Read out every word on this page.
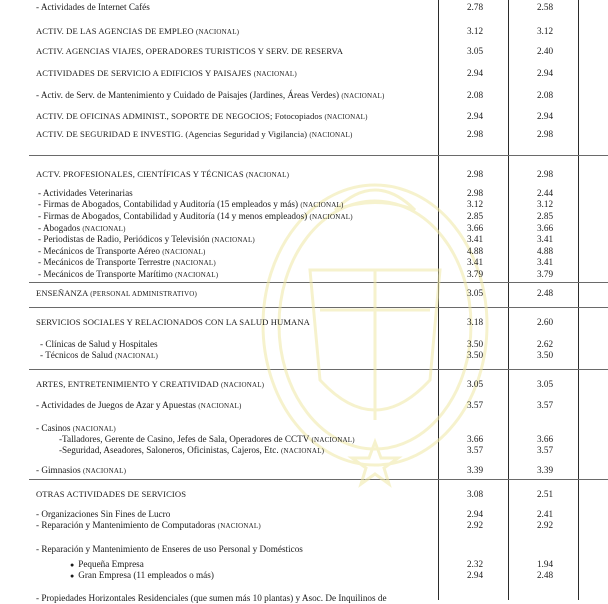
- Actividades de Internet Cafés	2.78	2.58
ACTIV. DE LAS AGENCIAS DE EMPLEO (NACIONAL)	3.12	3.12
ACTIV. AGENCIAS VIAJES, OPERADORES TURISTICOS Y SERV. DE RESERVA	3.05	2.40
ACTIVIDADES DE SERVICIO A EDIFICIOS Y PAISAJES (NACIONAL)	2.94	2.94
- Activ. de Serv. de Mantenimiento y Cuidado de Paisajes (Jardines, Áreas Verdes) (NACIONAL)	2.08	2.08
ACTIV. DE OFICINAS ADMINIST., SOPORTE DE NEGOCIOS; Fotocopiados (NACIONAL)	2.94	2.94
ACTIV. DE SEGURIDAD E INVESTIG. (Agencias Seguridad y Vigilancia) (NACIONAL)	2.98	2.98
ACTV. PROFESIONALES, CIENTÍFICAS Y TÉCNICAS (NACIONAL)	2.98	2.98
- Actividades Veterinarias	2.98	2.44
- Firmas de Abogados, Contabilidad y Auditoría (15 empleados y más) (NACIONAL)	3.12	3.12
- Firmas de Abogados, Contabilidad y Auditoría (14 y menos empleados) (NACIONAL)	2.85	2.85
- Abogados (NACIONAL)	3.66	3.66
- Periodistas de Radio, Periódicos y Televisión (NACIONAL)	3.41	3.41
- Mecánicos de Transporte Aéreo (NACIONAL)	4.88	4.88
- Mecánicos de Transporte Terrestre (NACIONAL)	3.41	3.41
- Mecánicos de Transporte Marítimo (NACIONAL)	3.79	3.79
ENSEÑANZA (PERSONAL ADMINISTRATIVO)	3.05	2.48
SERVICIOS SOCIALES Y RELACIONADOS CON LA SALUD HUMANA	3.18	2.60
- Clínicas de Salud y Hospitales	3.50	2.62
- Técnicos de Salud (NACIONAL)	3.50	3.50
ARTES, ENTRETENIMIENTO Y CREATIVIDAD (NACIONAL)	3.05	3.05
- Actividades de Juegos de Azar y Apuestas (NACIONAL)	3.57	3.57
- Casinos (NACIONAL)
-Talladores, Gerente de Casino, Jefes de Sala, Operadores de CCTV (NACIONAL)	3.66	3.66
-Seguridad, Aseadores, Saloneros, Oficinistas, Cajeros, Etc. (NACIONAL)	3.57	3.57
- Gimnasios (NACIONAL)	3.39	3.39
OTRAS ACTIVIDADES DE SERVICIOS	3.08	2.51
- Organizaciones Sin Fines de Lucro	2.94	2.41
- Reparación y Mantenimiento de Computadoras (NACIONAL)	2.92	2.92
- Reparación y Mantenimiento de Enseres de uso Personal y Domésticos
● Pequeña Empresa	2.32	1.94
● Gran Empresa (11 empleados o más)	2.94	2.48
- Propiedades Horizontales Residenciales (que sumen más 10 plantas) y Asoc. De Inquilinos de
